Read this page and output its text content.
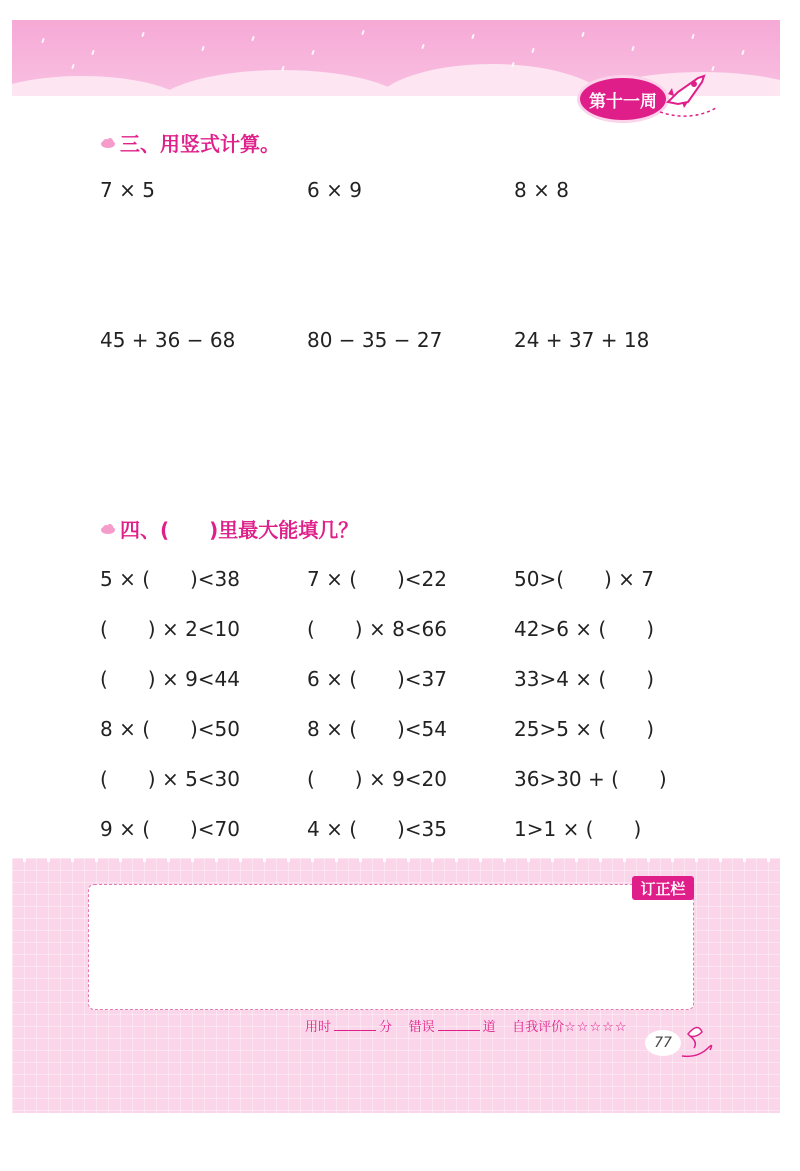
第十一周
三、用竖式计算。
7 × 5	6 × 9	8 × 8
45 + 36 − 68	80 − 35 − 27	24 + 37 + 18
四、(　　)里最大能填几？
5 × (　　)<38	7 × (　　)<22	50>(　　) × 7
(　　) × 2<10	(　　) × 8<66	42>6 × (　　)
(　　) × 9<44	6 × (　　)<37	33>4 × (　　)
8 × (　　)<50	8 × (　　)<54	25>5 × (　　)
(　　) × 5<30	(　　) × 9<20	36>30 + (　　)
9 × (　　)<70	4 × (　　)<35	1>1 × (　　)
订正栏
用时	分 错误	道 自我评价☆☆☆☆☆
77
